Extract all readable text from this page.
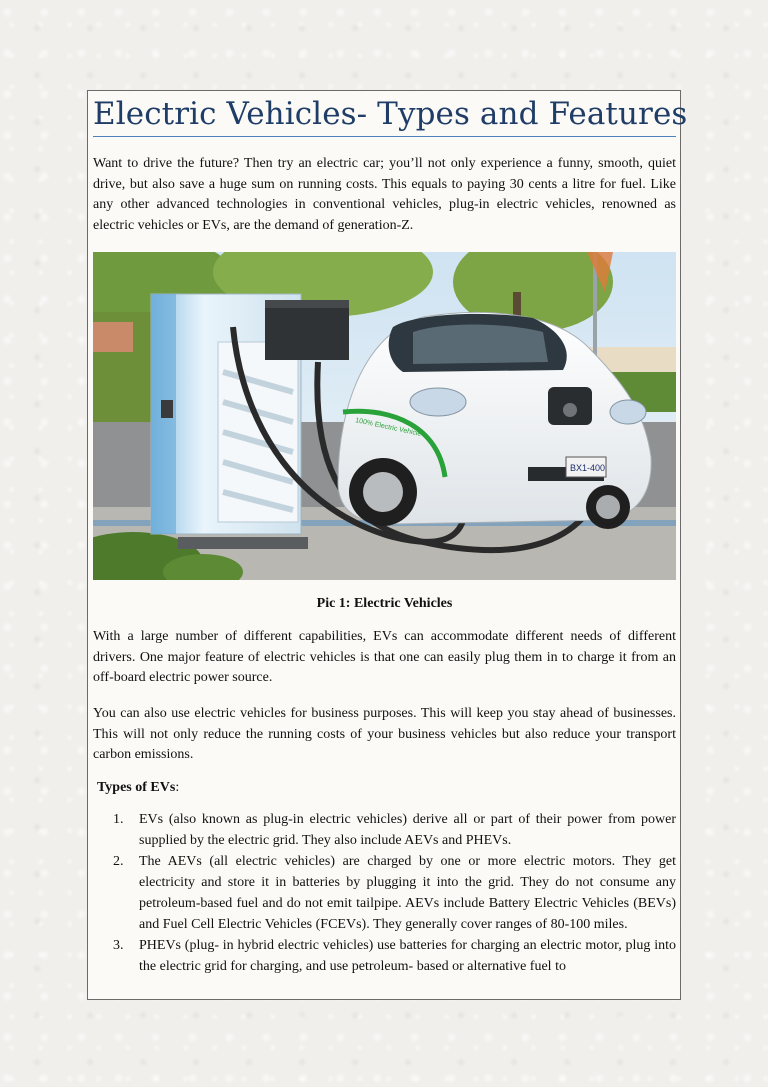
Electric Vehicles- Types and Features

Want to drive the future? Then try an electric car; you’ll not only experience a funny, smooth, quiet drive, but also save a huge sum on running costs. This equals to paying 30 cents a litre for fuel. Like any other advanced technologies in conventional vehicles, plug-in electric vehicles, renowned as electric vehicles or EVs, are the demand of generation-Z.

100% Electric Vehicle
BX1-400

Pic 1: Electric Vehicles

With a large number of different capabilities, EVs can accommodate different needs of different drivers. One major feature of electric vehicles is that one can easily plug them in to charge it from an off-board electric power source.

You can also use electric vehicles for business purposes. This will keep you stay ahead of businesses. This will not only reduce the running costs of your business vehicles but also reduce your transport carbon emissions.

Types of EVs:

1. EVs (also known as plug-in electric vehicles) derive all or part of their power from power supplied by the electric grid. They also include AEVs and PHEVs.
2. The AEVs (all electric vehicles) are charged by one or more electric motors. They get electricity and store it in batteries by plugging it into the grid. They do not consume any petroleum-based fuel and do not emit tailpipe. AEVs include Battery Electric Vehicles (BEVs) and Fuel Cell Electric Vehicles (FCEVs). They generally cover ranges of 80-100 miles.
3. PHEVs (plug- in hybrid electric vehicles) use batteries for charging an electric motor, plug into the electric grid for charging, and use petroleum- based or alternative fuel to
